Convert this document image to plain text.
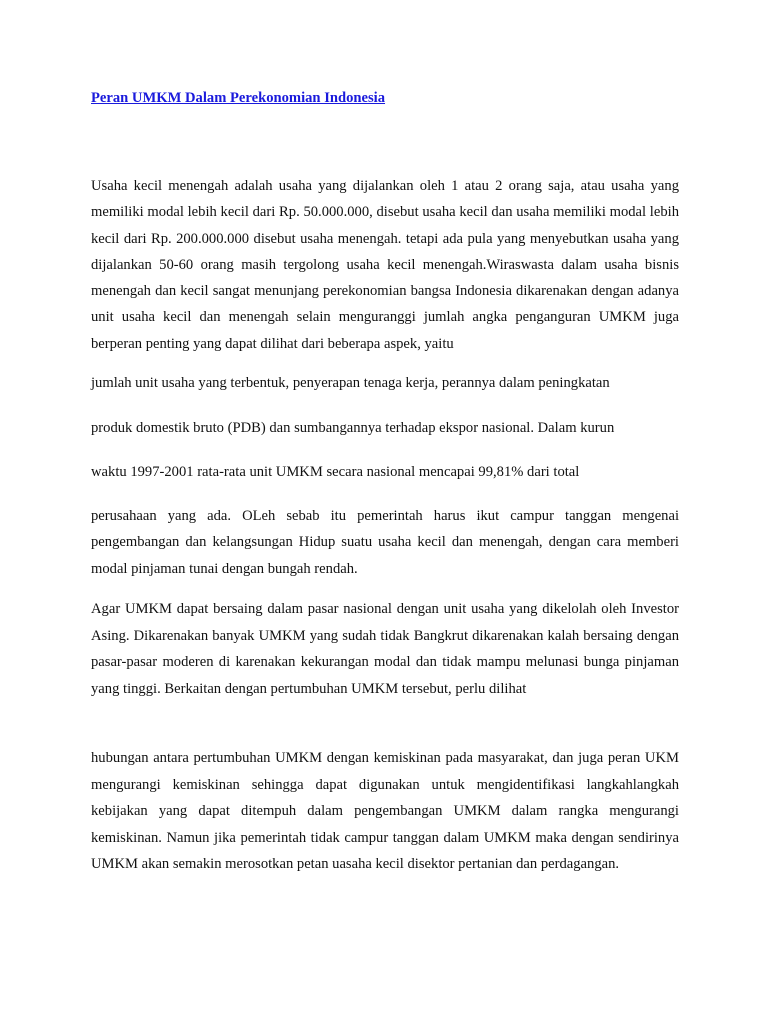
Peran UMKM Dalam Perekonomian Indonesia

Usaha kecil menengah adalah usaha yang dijalankan oleh 1 atau 2 orang saja, atau usaha yang memiliki modal lebih kecil dari Rp. 50.000.000, disebut usaha kecil dan usaha memiliki modal lebih kecil dari Rp. 200.000.000 disebut usaha menengah. tetapi ada pula yang menyebutkan usaha yang dijalankan 50-60 orang masih tergolong usaha kecil menengah.Wiraswasta dalam usaha bisnis menengah dan kecil sangat menunjang perekonomian bangsa Indonesia dikarenakan dengan adanya unit usaha kecil dan menengah selain menguranggi jumlah angka penganguran UMKM juga berperan penting yang dapat dilihat dari beberapa aspek, yaitu

jumlah unit usaha yang terbentuk, penyerapan tenaga kerja, perannya dalam peningkatan

produk domestik bruto (PDB) dan sumbangannya terhadap ekspor nasional. Dalam kurun

waktu 1997-2001 rata-rata unit UMKM secara nasional mencapai 99,81% dari total

perusahaan yang ada. OLeh sebab itu pemerintah harus ikut campur tanggan mengenai pengembangan dan kelangsungan Hidup suatu usaha kecil dan menengah, dengan cara memberi modal pinjaman tunai dengan bungah rendah.

Agar UMKM dapat bersaing dalam pasar nasional dengan unit usaha yang dikelolah oleh Investor Asing. Dikarenakan banyak UMKM yang sudah tidak Bangkrut dikarenakan kalah bersaing dengan pasar-pasar moderen di karenakan kekurangan modal dan tidak mampu melunasi bunga pinjaman yang tinggi. Berkaitan dengan pertumbuhan UMKM tersebut, perlu dilihat

hubungan antara pertumbuhan UMKM dengan kemiskinan pada masyarakat, dan juga peran UKM mengurangi kemiskinan sehingga dapat digunakan untuk mengidentifikasi langkahlangkah kebijakan yang dapat ditempuh dalam pengembangan UMKM dalam rangka mengurangi kemiskinan. Namun jika pemerintah tidak campur tanggan dalam UMKM maka dengan sendirinya UMKM akan semakin merosotkan petan uasaha kecil disektor pertanian dan perdagangan.
